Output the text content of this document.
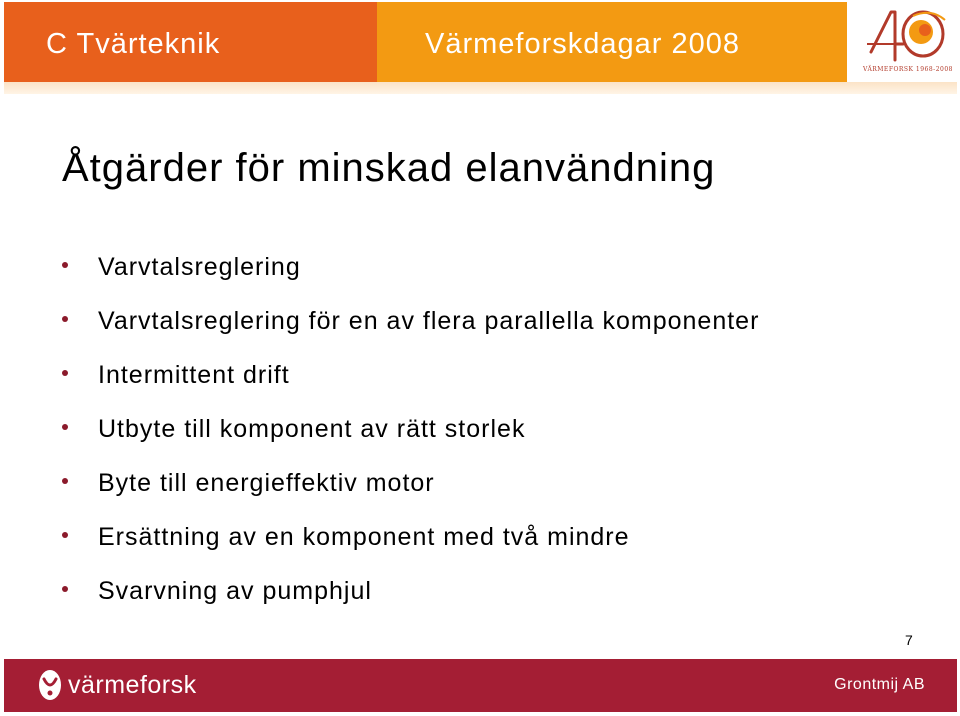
C Tvärteknik	Värmeforskdagar 2008
VÄRMEFORSK 1968-2008
Åtgärder för minskad elanvändning
Varvtalsreglering
Varvtalsreglering för en av flera parallella komponenter
Intermittent drift
Utbyte till komponent av rätt storlek
Byte till energieffektiv motor
Ersättning av en komponent med två mindre
Svarvning av pumphjul
7
värmeforsk	Grontmij AB
